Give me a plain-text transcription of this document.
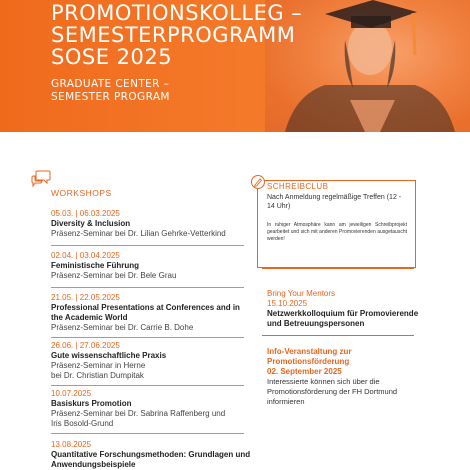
PROMOTIONSKOLLEG –
SEMESTERPROGRAMM
SOSE 2025

GRADUATE CENTER –
SEMESTER PROGRAM

WORKSHOPS
05.03. | 06.03.2025
Diversity & Inclusion
Präsenz-Seminar bei Dr. Lilian Gehrke-Vetterkind
02.04. | 03.04.2025
Feministische Führung
Präsenz-Seminar bei Dr. Bele Grau
21.05. | 22.05.2025
Professional Presentations at Conferences and in the Academic World
Präsenz-Seminar bei Dr. Carrie B. Dohe
26.06. | 27.06.2025
Gute wissenschaftliche Praxis
Präsenz-Seminar in Herne
bei Dr. Christian Dumpitak
10.07.2025
Basiskurs Promotion
Präsenz-Seminar bei Dr. Sabrina Raffenberg und
Iris Bosold-Grund
13.08.2025
Quantitative Forschungsmethoden: Grundlagen und Anwendungsbeispiele
SCHREIBCLUB
Nach Anmeldung regelmäßige Treffen (12 - 14 Uhr)
In ruhiger Atmosphäre kann am jeweiligen Schreibprojekt gearbeitet und sich mit anderen Promovierenden ausgetauscht werden!
Bring Your Mentors
15.10.2025
Netzwerkkolloquium für Promovierende und Betreuungspersonen
Info-Veranstaltung zur Promotionsförderung
02. September 2025
Interessierte können sich über die Promotionsförderung der FH Dortmund informieren
